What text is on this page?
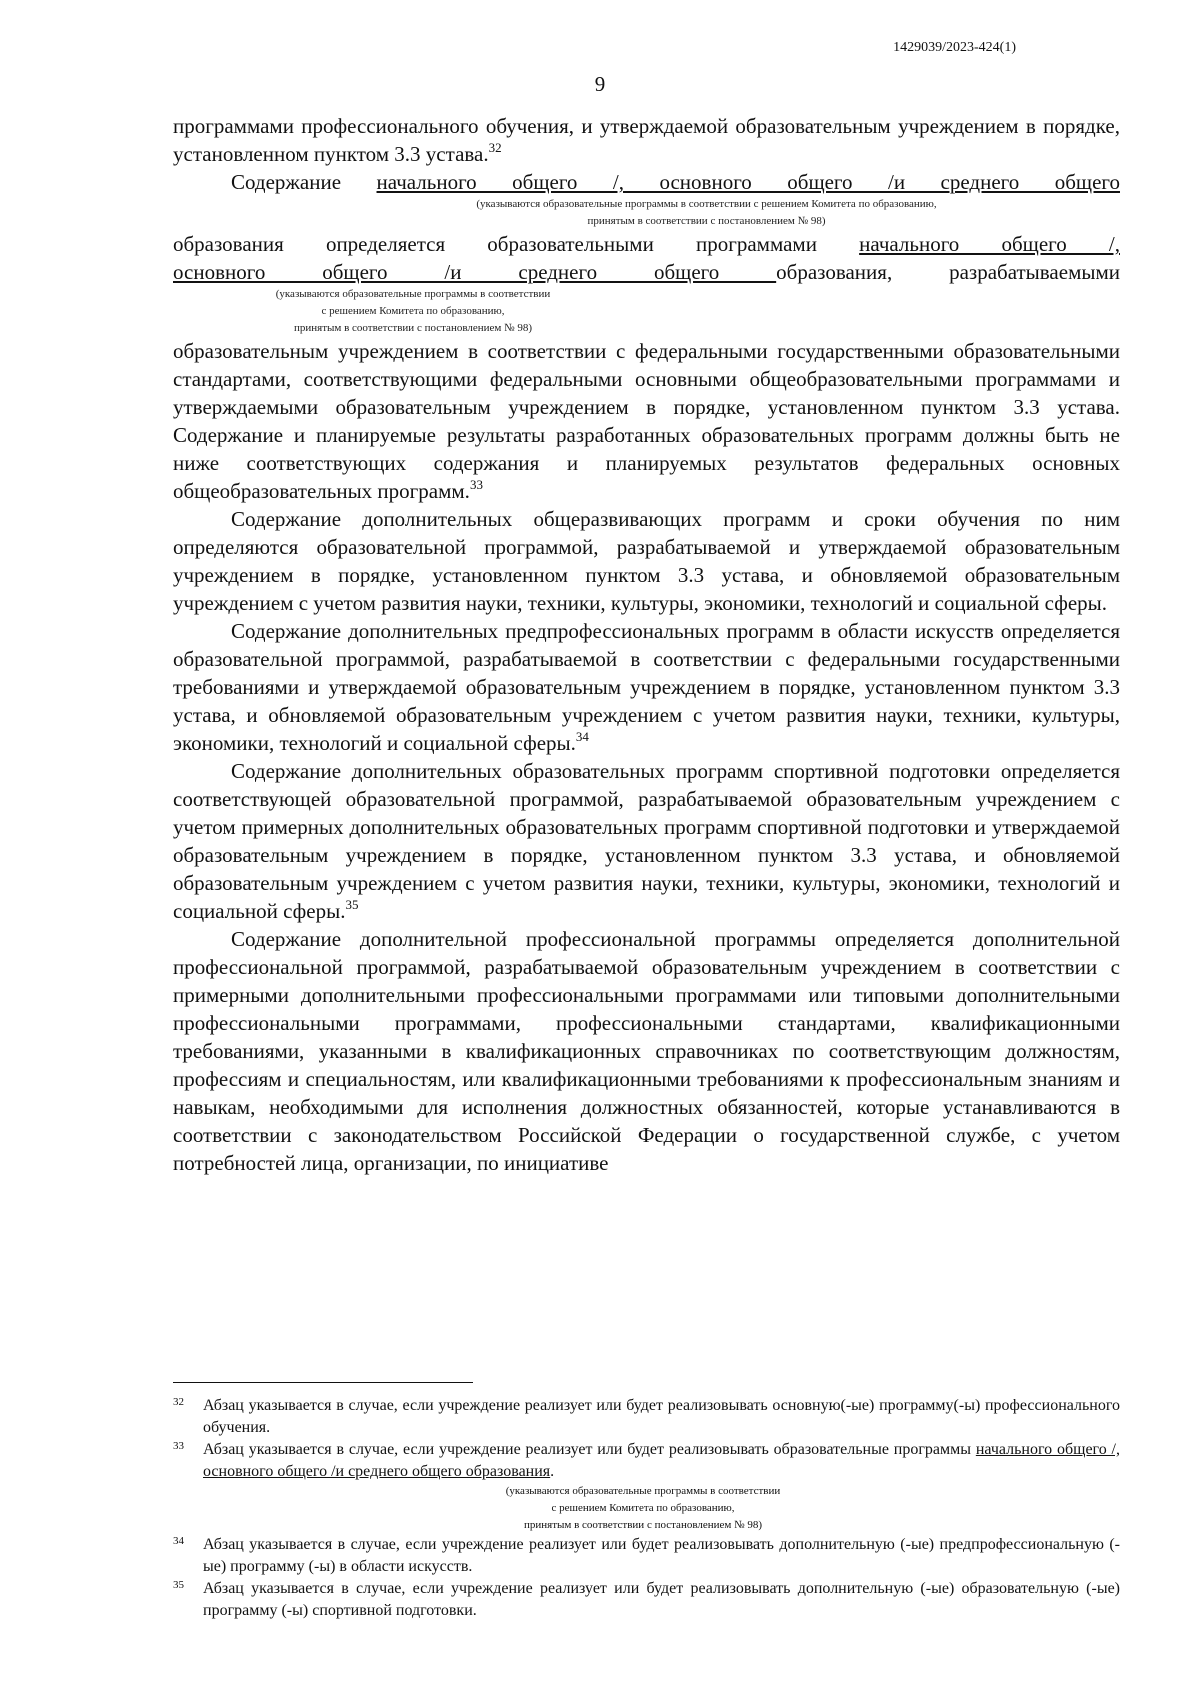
1429039/2023-424(1)
9

программами профессионального обучения, и утверждаемой образовательным учреждением в порядке, установленном пунктом 3.3 устава.$^{32}$

Содержание начального общего /, основного общего /и среднего общего

(указываются образовательные программы в соответствии с решением Комитета по образованию,
принятым в соответствии с постановлением № 98)

образования определяется образовательными программами начального общего /,

основного общего /и среднего общего образования, разрабатываемыми

(указываются образовательные программы в соответствии
с решением Комитета по образованию,
принятым в соответствии с постановлением № 98)

образовательным учреждением в соответствии с федеральными государственными образовательными стандартами, соответствующими федеральными основными общеобразовательными программами и утверждаемыми образовательным учреждением в порядке, установленном пунктом 3.3 устава. Содержание и планируемые результаты разработанных образовательных программ должны быть не ниже соответствующих содержания и планируемых результатов федеральных основных общеобразовательных программ.$^{33}$

Содержание дополнительных общеразвивающих программ и сроки обучения по ним определяются образовательной программой, разрабатываемой и утверждаемой образовательным учреждением в порядке, установленном пунктом 3.3 устава, и обновляемой образовательным учреждением с учетом развития науки, техники, культуры, экономики, технологий и социальной сферы.

Содержание дополнительных предпрофессиональных программ в области искусств определяется образовательной программой, разрабатываемой в соответствии с федеральными государственными требованиями и утверждаемой образовательным учреждением в порядке, установленном пунктом 3.3 устава, и обновляемой образовательным учреждением с учетом развития науки, техники, культуры, экономики, технологий и социальной сферы.$^{34}$

Содержание дополнительных образовательных программ спортивной подготовки определяется соответствующей образовательной программой, разрабатываемой образовательным учреждением с учетом примерных дополнительных образовательных программ спортивной подготовки и утверждаемой образовательным учреждением в порядке, установленном пунктом 3.3 устава, и обновляемой образовательным учреждением с учетом развития науки, техники, культуры, экономики, технологий и социальной сферы.$^{35}$

Содержание дополнительной профессиональной программы определяется дополнительной профессиональной программой, разрабатываемой образовательным учреждением в соответствии с примерными дополнительными профессиональными программами или типовыми дополнительными профессиональными программами, профессиональными стандартами, квалификационными требованиями, указанными в квалификационных справочниках по соответствующим должностям, профессиям и специальностям, или квалификационными требованиями к профессиональным знаниям и навыкам, необходимыми для исполнения должностных обязанностей, которые устанавливаются в соответствии с законодательством Российской Федерации о государственной службе, с учетом потребностей лица, организации, по инициативе

32 Абзац указывается в случае, если учреждение реализует или будет реализовывать основную(-ые) программу(-ы) профессионального обучения.

33 Абзац указывается в случае, если учреждение реализует или будет реализовывать образовательные программы начального общего /, основного общего /и среднего общего образования.

(указываются образовательные программы в соответствии
с решением Комитета по образованию,
принятым в соответствии с постановлением № 98)

34 Абзац указывается в случае, если учреждение реализует или будет реализовывать дополнительную (-ые) предпрофессиональную (-ые) программу (-ы) в области искусств.

35 Абзац указывается в случае, если учреждение реализует или будет реализовывать дополнительную (-ые) образовательную (-ые) программу (-ы) спортивной подготовки.
